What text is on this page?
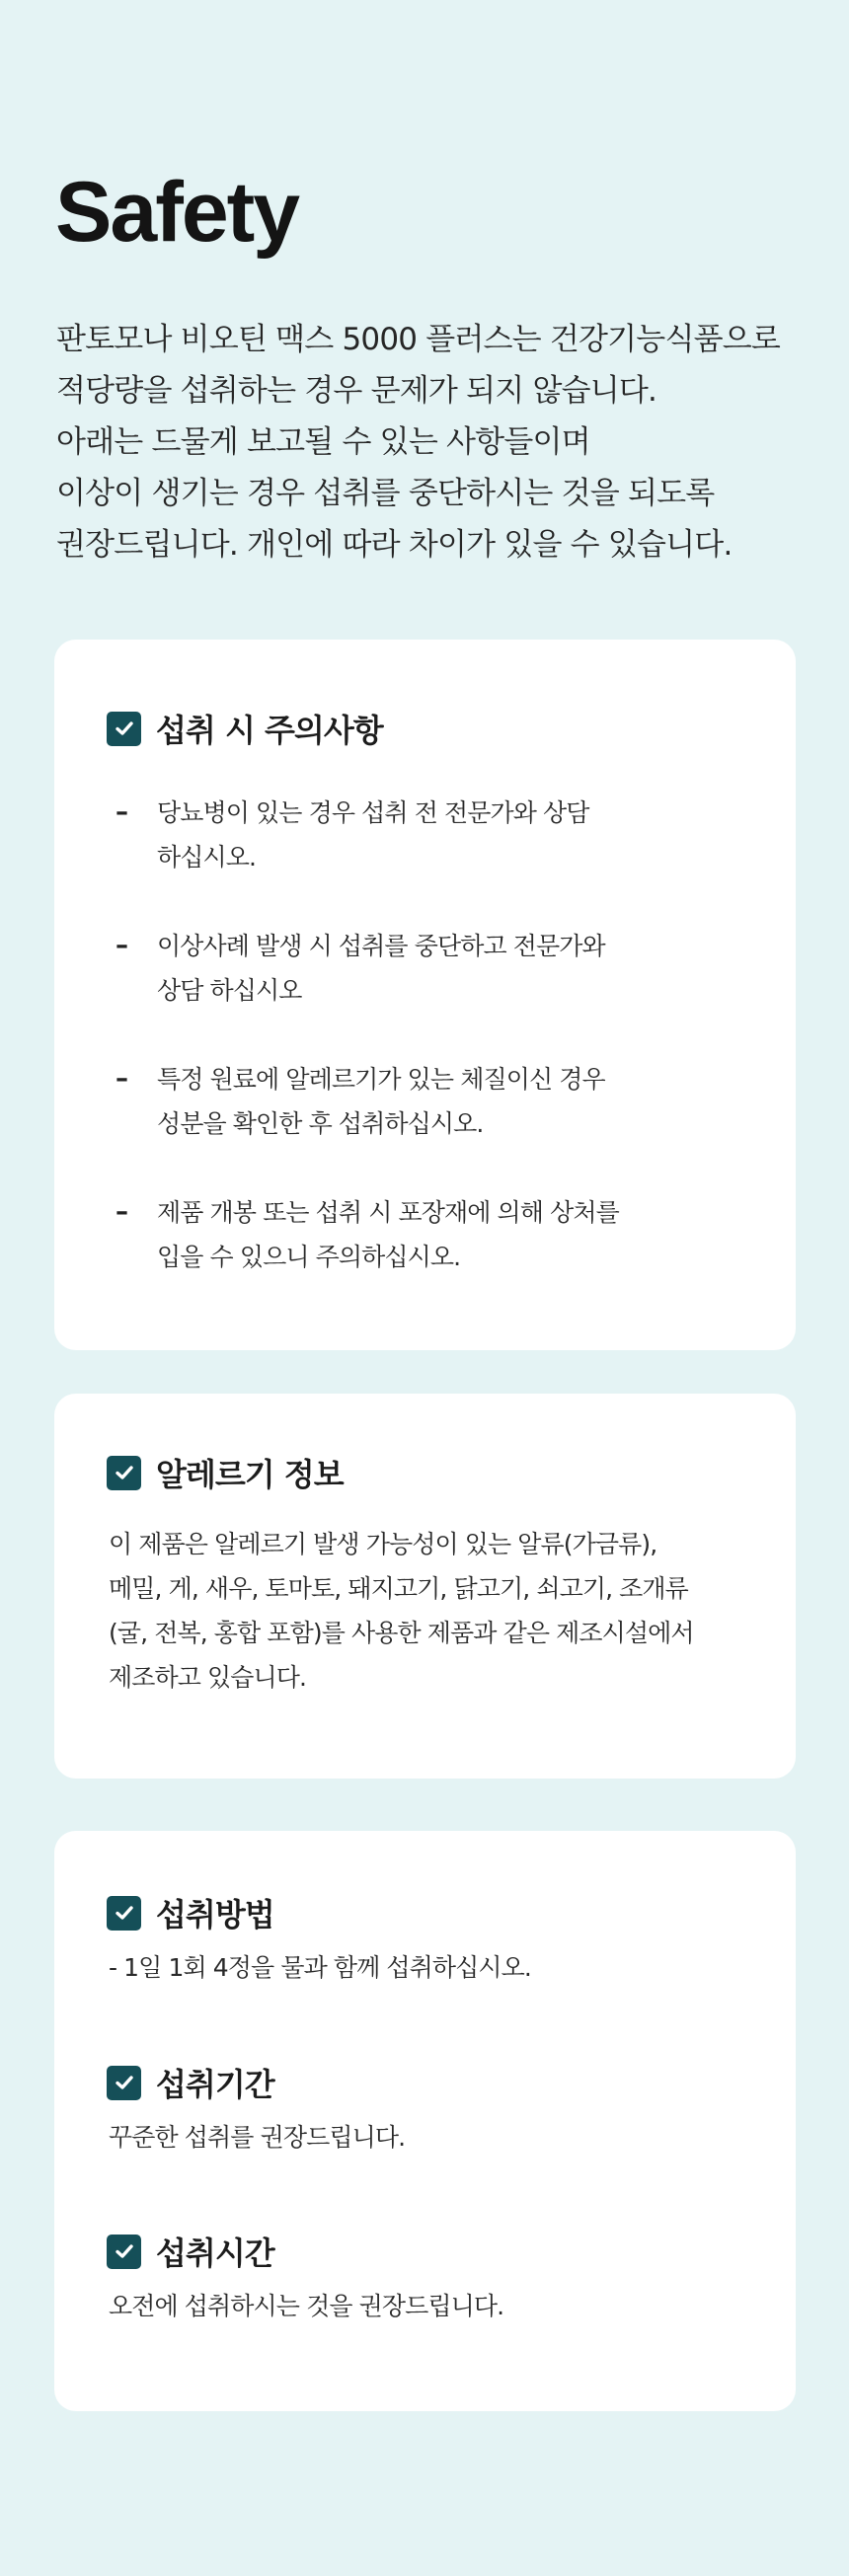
Safety
판토모나 비오틴 맥스 5000 플러스는 건강기능식품으로
적당량을 섭취하는 경우 문제가 되지 않습니다.
아래는 드물게 보고될 수 있는 사항들이며
이상이 생기는 경우 섭취를 중단하시는 것을 되도록
권장드립니다. 개인에 따라 차이가 있을 수 있습니다.
섭취 시 주의사항
– 당뇨병이 있는 경우 섭취 전 전문가와 상담
하십시오.
– 이상사례 발생 시 섭취를 중단하고 전문가와
상담 하십시오
– 특정 원료에 알레르기가 있는 체질이신 경우
성분을 확인한 후 섭취하십시오.
– 제품 개봉 또는 섭취 시 포장재에 의해 상처를
입을 수 있으니 주의하십시오.
알레르기 정보
이 제품은 알레르기 발생 가능성이 있는 알류(가금류),
메밀, 게, 새우, 토마토, 돼지고기, 닭고기, 쇠고기, 조개류
(굴, 전복, 홍합 포함)를 사용한 제품과 같은 제조시설에서
제조하고 있습니다.
섭취방법
- 1일 1회 4정을 물과 함께 섭취하십시오.
섭취기간
꾸준한 섭취를 권장드립니다.
섭취시간
오전에 섭취하시는 것을 권장드립니다.
